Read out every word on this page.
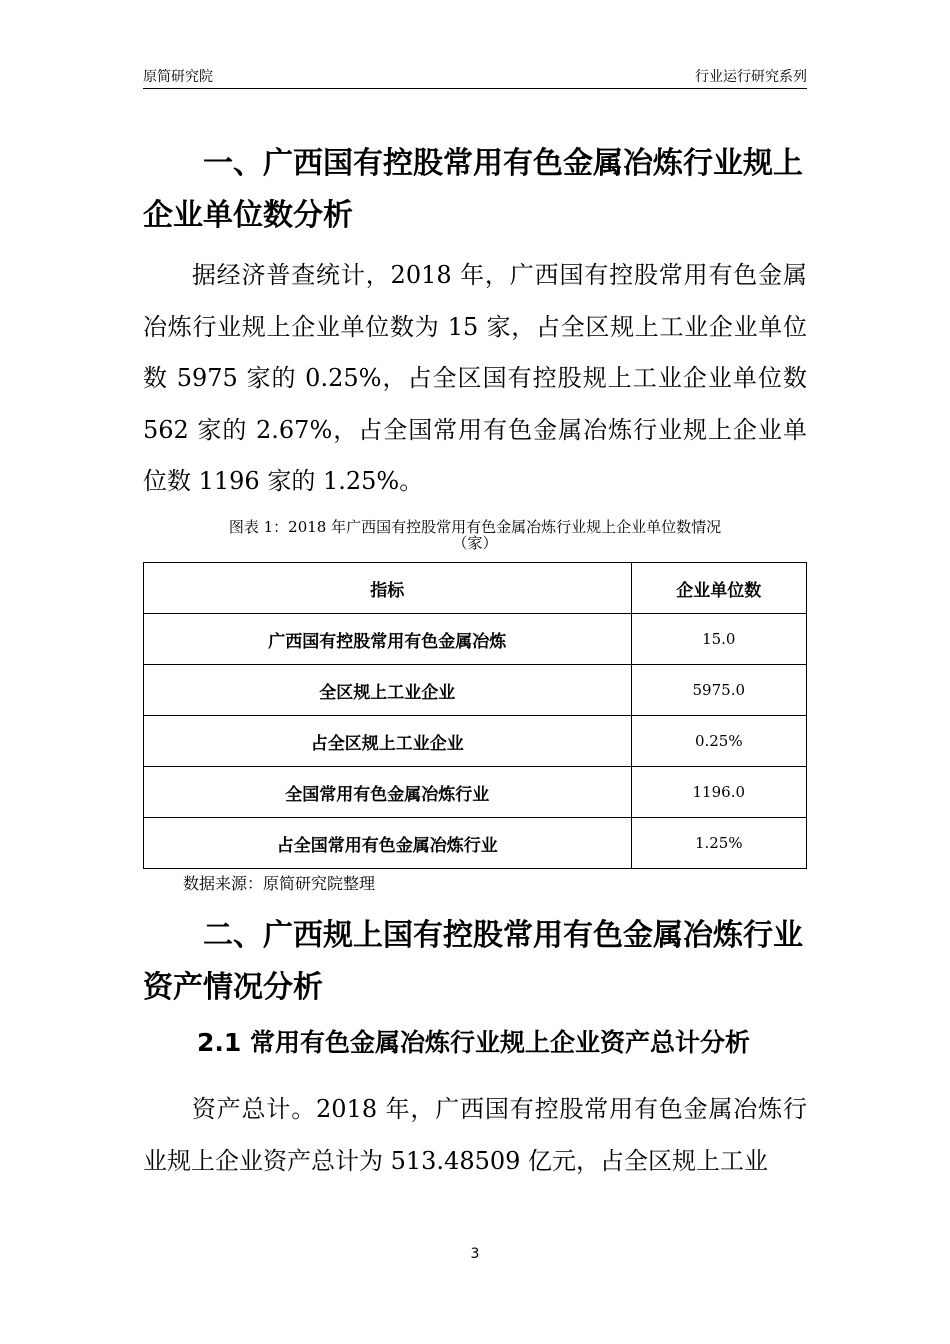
原简研究院	行业运行研究系列
一、广西国有控股常用有色金属冶炼行业规上企业单位数分析

据经济普查统计，2018 年，广西国有控股常用有色金属冶炼行业规上企业单位数为 15 家，占全区规上工业企业单位数 5975 家的 0.25%，占全区国有控股规上工业企业单位数 562 家的 2.67%，占全国常用有色金属冶炼行业规上企业单位数 1196 家的 1.25%。

图表 1：2018 年广西国有控股常用有色金属冶炼行业规上企业单位数情况
（家）
指标	企业单位数
广西国有控股常用有色金属冶炼	15.0
全区规上工业企业	5975.0
占全区规上工业企业	0.25%
全国常用有色金属冶炼行业	1196.0
占全国常用有色金属冶炼行业	1.25%
数据来源：原简研究院整理
二、广西规上国有控股常用有色金属冶炼行业资产情况分析
2.1 常用有色金属冶炼行业规上企业资产总计分析

资产总计。2018 年，广西国有控股常用有色金属冶炼行业规上企业资产总计为 513.48509 亿元，占全区规上工业

3
